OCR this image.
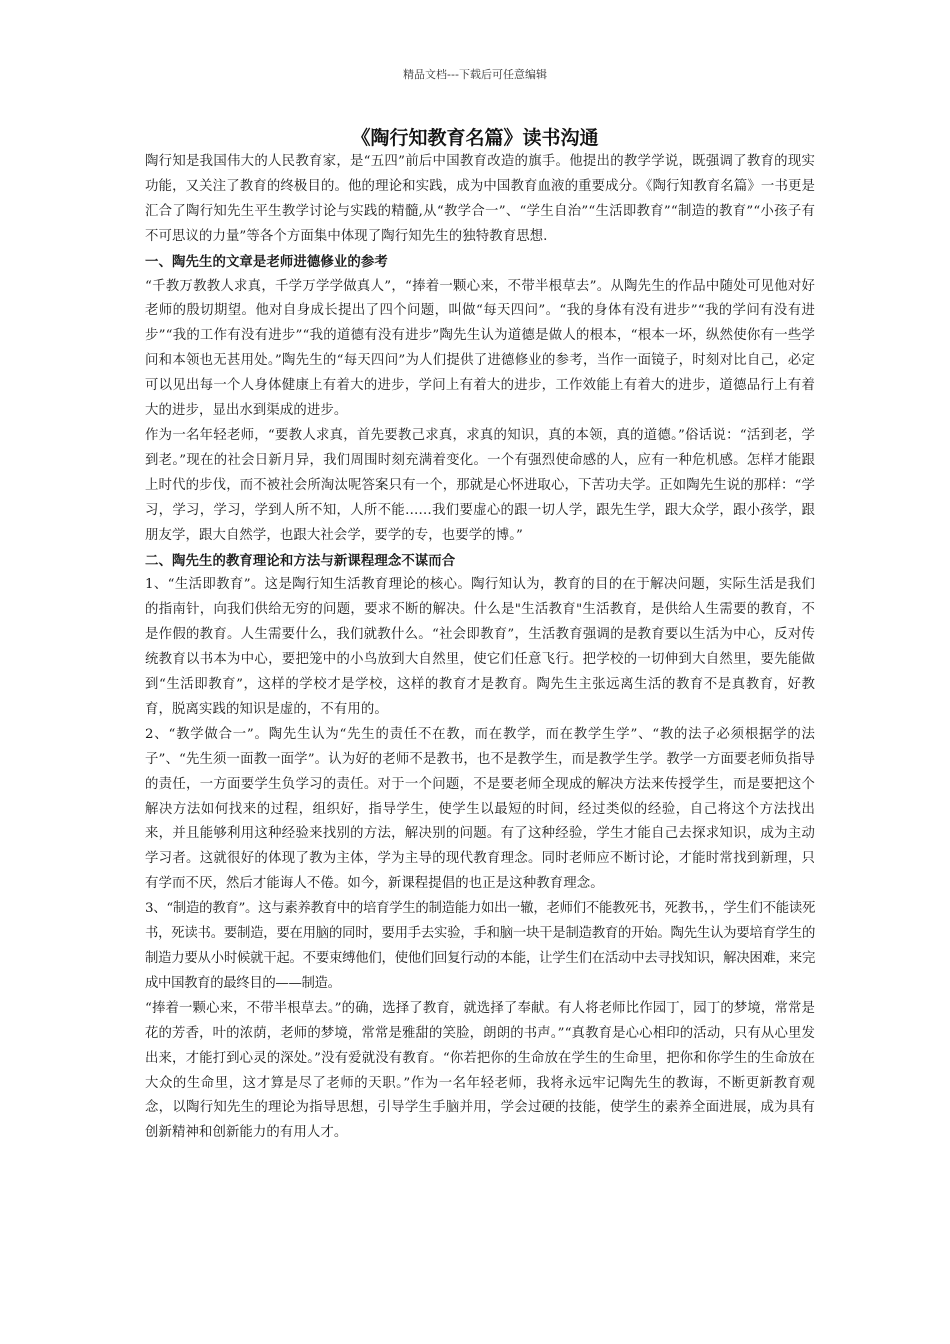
精品文档---下载后可任意编辑
《陶行知教育名篇》读书沟通

陶行知是我国伟大的人民教育家，是“五四”前后中国教育改造的旗手。他提出的教学学说，既强调了教育的现实功能，又关注了教育的终极目的。他的理论和实践，成为中国教育血液的重要成分。《陶行知教育名篇》一书更是汇合了陶行知先生平生教学讨论与实践的精髓,从“教学合一”、“学生自治”“生活即教育”“制造的教育”“小孩子有不可思议的力量”等各个方面集中体现了陶行知先生的独特教育思想.

一、陶先生的文章是老师进德修业的参考

“千教万教教人求真，千学万学学做真人”，“捧着一颗心来，不带半根草去”。从陶先生的作品中随处可见他对好老师的殷切期望。他对自身成长提出了四个问题，叫做“每天四问”。“我的身体有没有进步”“我的学问有没有进步”“我的工作有没有进步”“我的道德有没有进步”陶先生认为道德是做人的根本，“根本一坏，纵然使你有一些学问和本领也无甚用处。”陶先生的“每天四问”为人们提供了进德修业的参考，当作一面镜子，时刻对比自己，必定可以见出每一个人身体健康上有着大的进步，学问上有着大的进步，工作效能上有着大的进步，道德品行上有着大的进步，显出水到渠成的进步。

作为一名年轻老师，“要教人求真，首先要教己求真，求真的知识，真的本领，真的道德。”俗话说：“活到老，学到老。”现在的社会日新月异，我们周围时刻充满着变化。一个有强烈使命感的人，应有一种危机感。怎样才能跟上时代的步伐，而不被社会所淘汰呢答案只有一个，那就是心怀进取心，下苦功夫学。正如陶先生说的那样：“学习，学习，学习，学到人所不知，人所不能……我们要虚心的跟一切人学，跟先生学，跟大众学，跟小孩学，跟朋友学，跟大自然学，也跟大社会学，要学的专，也要学的博。”

二、陶先生的教育理论和方法与新课程理念不谋而合

1、“生活即教育”。这是陶行知生活教育理论的核心。陶行知认为，教育的目的在于解决问题，实际生活是我们的指南针，向我们供给无穷的问题，要求不断的解决。什么是"生活教育"生活教育，是供给人生需要的教育，不是作假的教育。人生需要什么，我们就教什么。“社会即教育”，生活教育强调的是教育要以生活为中心，反对传统教育以书本为中心，要把笼中的小鸟放到大自然里，使它们任意飞行。把学校的一切伸到大自然里，要先能做到“生活即教育”，这样的学校才是学校，这样的教育才是教育。陶先生主张远离生活的教育不是真教育，好教育，脱离实践的知识是虚的，不有用的。

2、“教学做合一”。陶先生认为“先生的责任不在教，而在教学，而在教学生学”、“教的法子必须根据学的法子”、“先生须一面教一面学”。认为好的老师不是教书，也不是教学生，而是教学生学。教学一方面要老师负指导的责任，一方面要学生负学习的责任。对于一个问题，不是要老师全现成的解决方法来传授学生，而是要把这个解决方法如何找来的过程，组织好，指导学生，使学生以最短的时间，经过类似的经验，自己将这个方法找出来，并且能够利用这种经验来找别的方法，解决别的问题。有了这种经验，学生才能自己去探求知识，成为主动学习者。这就很好的体现了教为主体，学为主导的现代教育理念。同时老师应不断讨论，才能时常找到新理，只有学而不厌，然后才能诲人不倦。如今，新课程提倡的也正是这种教育理念。

3、“制造的教育”。这与素养教育中的培育学生的制造能力如出一辙，老师们不能教死书，死教书，，学生们不能读死书，死读书。要制造，要在用脑的同时，要用手去实验，手和脑一块干是制造教育的开始。陶先生认为要培育学生的制造力要从小时候就干起。不要束缚他们，使他们回复行动的本能，让学生们在活动中去寻找知识，解决困难，来完成中国教育的最终目的——制造。

“捧着一颗心来，不带半根草去。”的确，选择了教育，就选择了奉献。有人将老师比作园丁，园丁的梦境，常常是花的芳香，叶的浓荫，老师的梦境，常常是雅甜的笑脸，朗朗的书声。”“真教育是心心相印的活动，只有从心里发出来，才能打到心灵的深处。”没有爱就没有教育。“你若把你的生命放在学生的生命里，把你和你学生的生命放在大众的生命里，这才算是尽了老师的天职。”作为一名年轻老师，我将永远牢记陶先生的教诲，不断更新教育观念，以陶行知先生的理论为指导思想，引导学生手脑并用，学会过硬的技能，使学生的素养全面进展，成为具有创新精神和创新能力的有用人才。
